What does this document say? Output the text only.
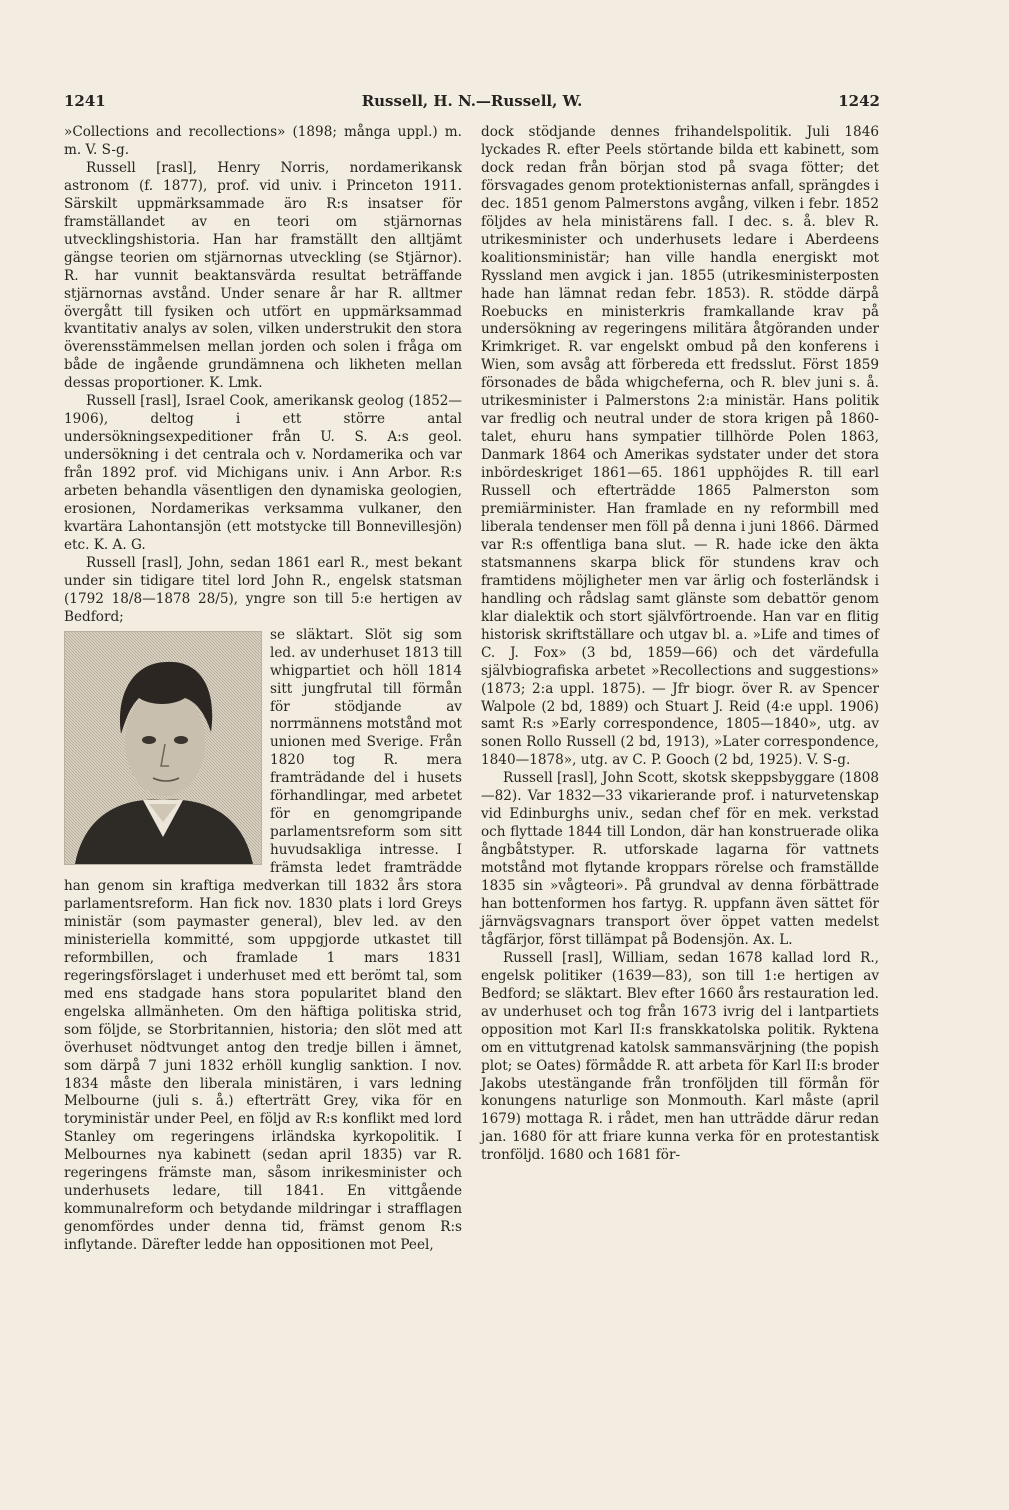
1241	Russell, H. N.—Russell, W.	1242

»Collections and recollections» (1898; många uppl.) m. m. V. S-g.

Russell [rasl], Henry Norris, nordamerikansk astronom (f. 1877), prof. vid univ. i Princeton 1911. Särskilt uppmärksammade äro R:s insatser för framställandet av en teori om stjärnornas utvecklingshistoria. Han har framställt den alltjämt gängse teorien om stjärnornas utveckling (se Stjärnor). R. har vunnit beaktansvärda resultat beträffande stjärnornas avstånd. Under senare år har R. alltmer övergått till fysiken och utfört en uppmärksammad kvantitativ analys av solen, vilken understrukit den stora överensstämmelsen mellan jorden och solen i fråga om både de ingående grundämnena och likheten mellan dessas proportioner. K. Lmk.

Russell [rasl], Israel Cook, amerikansk geolog (1852—1906), deltog i ett större antal undersökningsexpeditioner från U. S. A:s geol. undersökning i det centrala och v. Nordamerika och var från 1892 prof. vid Michigans univ. i Ann Arbor. R:s arbeten behandla väsentligen den dynamiska geologien, erosionen, Nordamerikas verksamma vulkaner, den kvartära Lahontansjön (ett motstycke till Bonnevillesjön) etc. K. A. G.

Russell [rasl], John, sedan 1861 earl R., mest bekant under sin tidigare titel lord John R., engelsk statsman (1792 18/8—1878 28/5), yngre son till 5:e hertigen av Bedford;

se släktart. Slöt sig som led. av underhuset 1813 till whigpartiet och höll 1814 sitt jungfrutal till förmån för stödjande av norrmännens motstånd mot unionen med Sverige. Från 1820 tog R. mera framträdande del i husets förhandlingar, med arbetet för en genomgripande parlamentsreform som sitt huvudsakliga intresse. I främsta ledet framträdde han genom sin kraftiga medverkan till 1832 års stora parlamentsreform. Han fick nov. 1830 plats i lord Greys ministär (som paymaster general), blev led. av den ministeriella kommitté, som uppgjorde utkastet till reformbillen, och framlade 1 mars 1831 regeringsförslaget i underhuset med ett berömt tal, som med ens stadgade hans stora popularitet bland den engelska allmänheten. Om den häftiga politiska strid, som följde, se Storbritannien, historia; den slöt med att överhuset nödtvunget antog den tredje billen i ämnet, som därpå 7 juni 1832 erhöll kunglig sanktion. I nov. 1834 måste den liberala ministären, i vars ledning Melbourne (juli s. å.) efterträtt Grey, vika för en toryministär under Peel, en följd av R:s konflikt med lord Stanley om regeringens irländska kyrkopolitik. I Melbournes nya kabinett (sedan april 1835) var R. regeringens främste man, såsom inrikesminister och underhusets ledare, till 1841. En vittgående kommunalreform och betydande mildringar i strafflagen genomfördes under denna tid, främst genom R:s inflytande. Därefter ledde han oppositionen mot Peel,

dock stödjande dennes frihandelspolitik. Juli 1846 lyckades R. efter Peels störtande bilda ett kabinett, som dock redan från början stod på svaga fötter; det försvagades genom protektionisternas anfall, sprängdes i dec. 1851 genom Palmerstons avgång, vilken i febr. 1852 följdes av hela ministärens fall. I dec. s. å. blev R. utrikesminister och underhusets ledare i Aberdeens koalitionsministär; han ville handla energiskt mot Ryssland men avgick i jan. 1855 (utrikesministerposten hade han lämnat redan febr. 1853). R. stödde därpå Roebucks en ministerkris framkallande krav på undersökning av regeringens militära åtgöranden under Krimkriget. R. var engelskt ombud på den konferens i Wien, som avsåg att förbereda ett fredsslut. Först 1859 försonades de båda whigcheferna, och R. blev juni s. å. utrikesminister i Palmerstons 2:a ministär. Hans politik var fredlig och neutral under de stora krigen på 1860-talet, ehuru hans sympatier tillhörde Polen 1863, Danmark 1864 och Amerikas sydstater under det stora inbördeskriget 1861—65. 1861 upphöjdes R. till earl Russell och efterträdde 1865 Palmerston som premiärminister. Han framlade en ny reformbill med liberala tendenser men föll på denna i juni 1866. Därmed var R:s offentliga bana slut. — R. hade icke den äkta statsmannens skarpa blick för stundens krav och framtidens möjligheter men var ärlig och fosterländsk i handling och rådslag samt glänste som debattör genom klar dialektik och stort självförtroende. Han var en flitig historisk skriftställare och utgav bl. a. »Life and times of C. J. Fox» (3 bd, 1859—66) och det värdefulla självbiografiska arbetet »Recollections and suggestions» (1873; 2:a uppl. 1875). — Jfr biogr. över R. av Spencer Walpole (2 bd, 1889) och Stuart J. Reid (4:e uppl. 1906) samt R:s »Early correspondence, 1805—1840», utg. av sonen Rollo Russell (2 bd, 1913), »Later correspondence, 1840—1878», utg. av C. P. Gooch (2 bd, 1925). V. S-g.

Russell [rasl], John Scott, skotsk skeppsbyggare (1808—82). Var 1832—33 vikarierande prof. i naturvetenskap vid Edinburghs univ., sedan chef för en mek. verkstad och flyttade 1844 till London, där han konstruerade olika ångbåtstyper. R. utforskade lagarna för vattnets motstånd mot flytande kroppars rörelse och framställde 1835 sin »vågteori». På grundval av denna förbättrade han bottenformen hos fartyg. R. uppfann även sättet för järnvägsvagnars transport över öppet vatten medelst tågfärjor, först tillämpat på Bodensjön. Ax. L.

Russell [rasl], William, sedan 1678 kallad lord R., engelsk politiker (1639—83), son till 1:e hertigen av Bedford; se släktart. Blev efter 1660 års restauration led. av underhuset och tog från 1673 ivrig del i lantpartiets opposition mot Karl II:s franskkatolska politik. Ryktena om en vittutgrenad katolsk sammansvärjning (the popish plot; se Oates) förmådde R. att arbeta för Karl II:s broder Jakobs utestängande från tronföljden till förmån för konungens naturlige son Monmouth. Karl måste (april 1679) mottaga R. i rådet, men han utträdde därur redan jan. 1680 för att friare kunna verka för en protestantisk tronföljd. 1680 och 1681 för-
